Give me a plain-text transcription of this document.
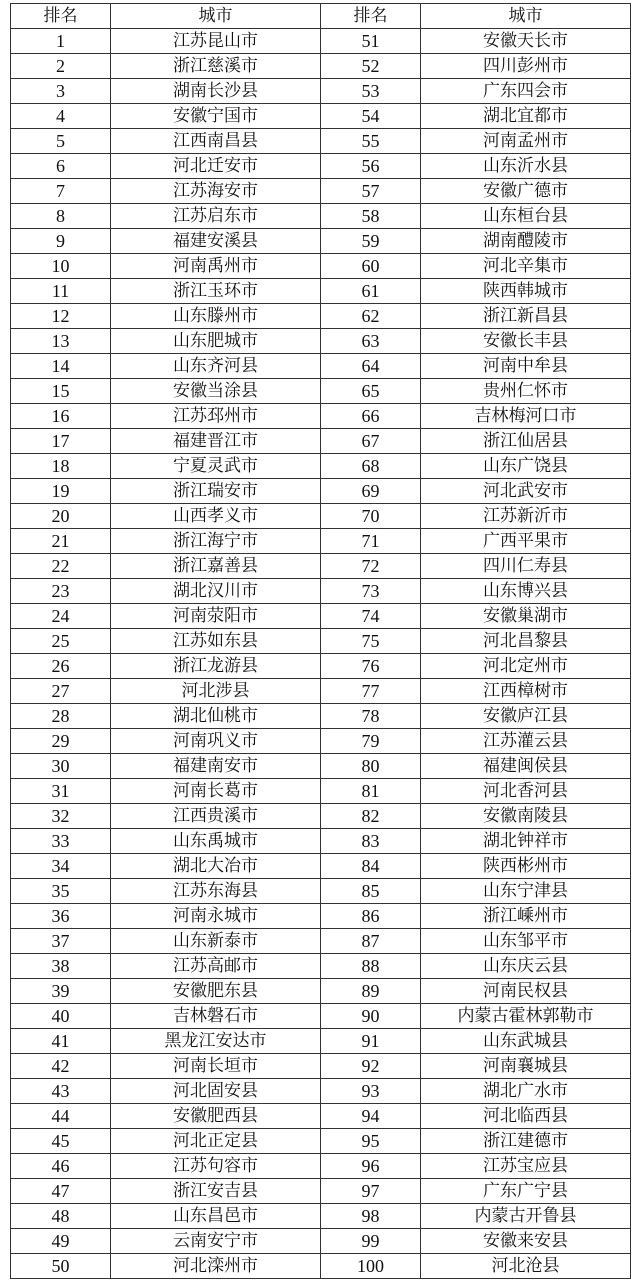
排名	城市	排名	城市
1	江苏昆山市	51	安徽天长市
2	浙江慈溪市	52	四川彭州市
3	湖南长沙县	53	广东四会市
4	安徽宁国市	54	湖北宜都市
5	江西南昌县	55	河南孟州市
6	河北迁安市	56	山东沂水县
7	江苏海安市	57	安徽广德市
8	江苏启东市	58	山东桓台县
9	福建安溪县	59	湖南醴陵市
10	河南禹州市	60	河北辛集市
11	浙江玉环市	61	陕西韩城市
12	山东滕州市	62	浙江新昌县
13	山东肥城市	63	安徽长丰县
14	山东齐河县	64	河南中牟县
15	安徽当涂县	65	贵州仁怀市
16	江苏邳州市	66	吉林梅河口市
17	福建晋江市	67	浙江仙居县
18	宁夏灵武市	68	山东广饶县
19	浙江瑞安市	69	河北武安市
20	山西孝义市	70	江苏新沂市
21	浙江海宁市	71	广西平果市
22	浙江嘉善县	72	四川仁寿县
23	湖北汉川市	73	山东博兴县
24	河南荥阳市	74	安徽巢湖市
25	江苏如东县	75	河北昌黎县
26	浙江龙游县	76	河北定州市
27	河北涉县	77	江西樟树市
28	湖北仙桃市	78	安徽庐江县
29	河南巩义市	79	江苏灌云县
30	福建南安市	80	福建闽侯县
31	河南长葛市	81	河北香河县
32	江西贵溪市	82	安徽南陵县
33	山东禹城市	83	湖北钟祥市
34	湖北大冶市	84	陕西彬州市
35	江苏东海县	85	山东宁津县
36	河南永城市	86	浙江嵊州市
37	山东新泰市	87	山东邹平市
38	江苏高邮市	88	山东庆云县
39	安徽肥东县	89	河南民权县
40	吉林磐石市	90	内蒙古霍林郭勒市
41	黑龙江安达市	91	山东武城县
42	河南长垣市	92	河南襄城县
43	河北固安县	93	湖北广水市
44	安徽肥西县	94	河北临西县
45	河北正定县	95	浙江建德市
46	江苏句容市	96	江苏宝应县
47	浙江安吉县	97	广东广宁县
48	山东昌邑市	98	内蒙古开鲁县
49	云南安宁市	99	安徽来安县
50	河北滦州市	100	河北沧县
